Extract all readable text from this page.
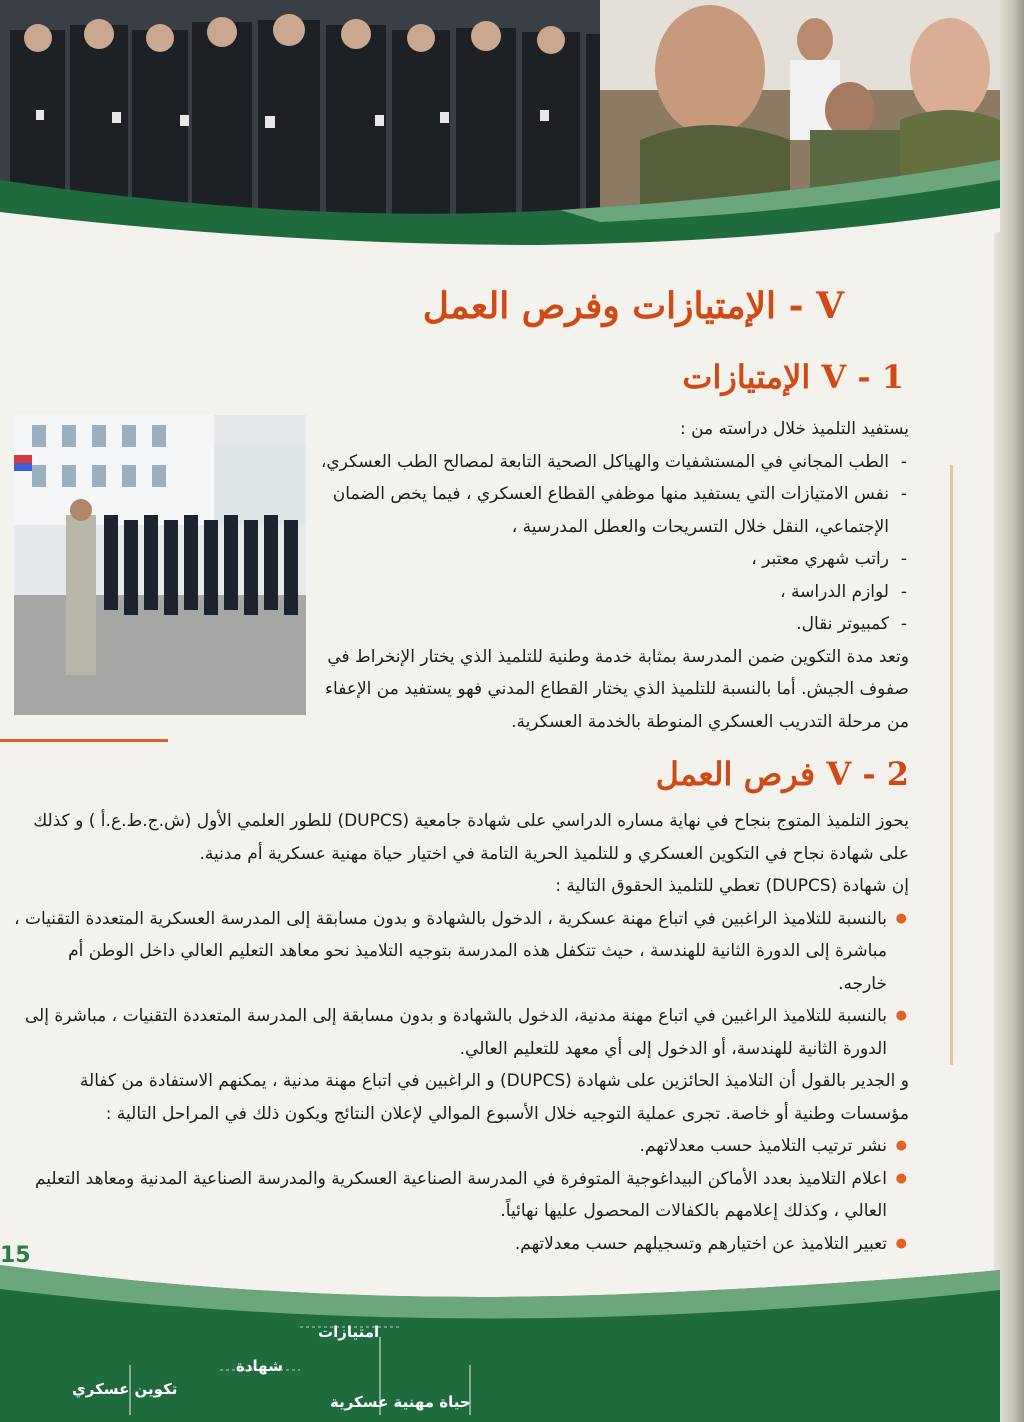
V - الإمتيازات وفرص العمل
V - 1 الإمتيازات

يستفيد التلميذ خلال دراسته من :

- الطب المجاني في المستشفيات والهياكل الصحية التابعة لمصالح الطب العسكري،
- نفس الامتيازات التي يستفيد منها موظفي القطاع العسكري ، فيما يخص الضمان الإجتماعي، النقل خلال التسريحات والعطل المدرسية ،
- راتب شهري معتبر ،
- لوازم الدراسة ،
- كمبيوتر نقال.

وتعد مدة التكوين ضمن المدرسة بمثابة خدمة وطنية للتلميذ الذي يختار الإنخراط في صفوف الجيش. أما بالنسبة للتلميذ الذي يختار القطاع المدني فهو يستفيد من الإعفاء من مرحلة التدريب العسكري المنوطة بالخدمة العسكرية.

V - 2 فرص العمل

يحوز التلميذ المتوج بنجاح في نهاية مساره الدراسي على شهادة جامعية (DUPCS) للطور العلمي الأول (ش.ج.ط.ع.أ ) و كذلك على شهادة نجاح في التكوين العسكري و للتلميذ الحرية التامة في اختيار حياة مهنية عسكرية أم مدنية.

إن شهادة (DUPCS) تعطي للتلميذ الحقوق التالية :

● بالنسبة للتلاميذ الراغبين في اتباع مهنة عسكرية ، الدخول بالشهادة و بدون مسابقة إلى المدرسة العسكرية المتعددة التقنيات ، مباشرة إلى الدورة الثانية للهندسة ، حيث تتكفل هذه المدرسة بتوجيه التلاميذ نحو معاهد التعليم العالي داخل الوطن أم خارجه.

● بالنسبة للتلاميذ الراغبين في اتباع مهنة مدنية، الدخول بالشهادة و بدون مسابقة إلى المدرسة المتعددة التقنيات ، مباشرة إلى الدورة الثانية للهندسة، أو الدخول إلى أي معهد للتعليم العالي.

و الجدير بالقول أن التلاميذ الحائزين على شهادة (DUPCS) و الراغبين في اتباع مهنة مدنية ، يمكنهم الاستفادة من كفالة مؤسسات وطنية أو خاصة. تجرى عملية التوجيه خلال الأسبوع الموالي لإعلان النتائج ويكون ذلك في المراحل التالية :

● نشر ترتيب التلاميذ حسب معدلاتهم.

● اعلام التلاميذ بعدد الأماكن البيداغوجية المتوفرة في المدرسة الصناعية العسكرية والمدرسة الصناعية المدنية ومعاهد التعليم العالي ، وكذلك إعلامهم بالكفالات المحصول عليها نهائياً.

● تعبير التلاميذ عن اختيارهم وتسجيلهم حسب معدلاتهم.

15
امتيازات
شهادة
حياة مهنية عسكرية
تكوين عسكري
